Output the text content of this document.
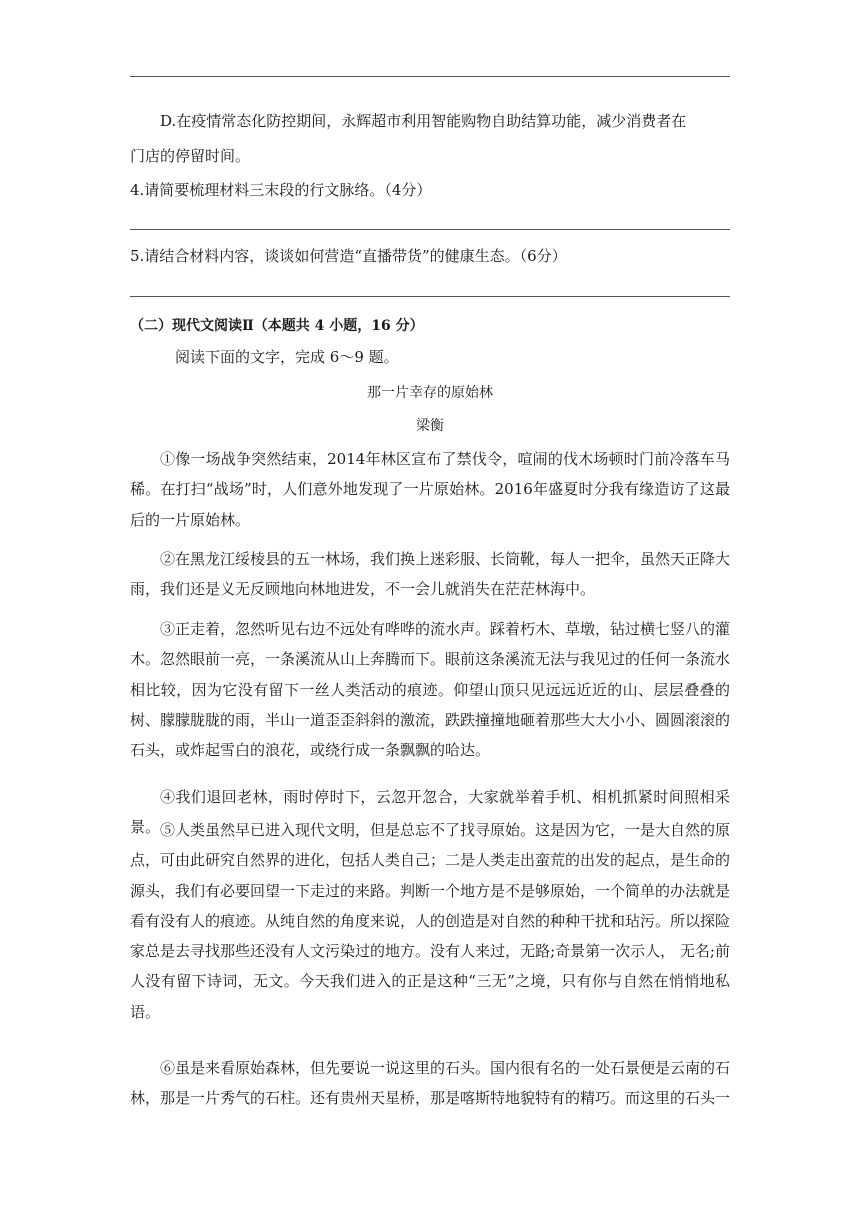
D.在疫情常态化防控期间，永辉超市利用智能购物自助结算功能，减少消费者在
门店的停留时间。
4.请简要梳理材料三末段的行文脉络。（4分）
5.请结合材料内容，谈谈如何营造“直播带货”的健康生态。（6分）
（二）现代文阅读Ⅱ（本题共 4 小题，16 分）
阅读下面的文字，完成 6～9 题。
那一片幸存的原始林
梁衡

①像一场战争突然结束，2014年林区宣布了禁伐令，喧闹的伐木场顿时门前冷落车马稀。在打扫“战场”时，人们意外地发现了一片原始林。2016年盛夏时分我有缘造访了这最后的一片原始林。

②在黑龙江绥棱县的五一林场，我们换上迷彩服、长筒靴，每人一把伞，虽然天正降大雨，我们还是义无反顾地向林地进发，不一会儿就消失在茫茫林海中。

③正走着，忽然听见右边不远处有哗哗的流水声。踩着朽木、草墩，钻过横七竖八的灌木。忽然眼前一亮，一条溪流从山上奔腾而下。眼前这条溪流无法与我见过的任何一条流水相比较，因为它没有留下一丝人类活动的痕迹。仰望山顶只见远远近近的山、层层叠叠的树、朦朦胧胧的雨，半山一道歪歪斜斜的激流，跌跌撞撞地砸着那些大大小小、圆圆滚滚的石头，或炸起雪白的浪花，或绕行成一条飘飘的哈达。

④我们退回老林，雨时停时下，云忽开忽合，大家就举着手机、相机抓紧时间照相采景。 ⑤人类虽然早已进入现代文明，但是总忘不了找寻原始。这是因为它，一是大自然的原点，可由此研究自然界的进化，包括人类自己；二是人类走出蛮荒的出发的起点，是生命的源头，我们有必要回望一下走过的来路。判断一个地方是不是够原始，一个简单的办法就是看有没有人的痕迹。从纯自然的角度来说，人的创造是对自然的种种干扰和玷污。所以探险家总是去寻找那些还没有人文污染过的地方。没有人来过，无路;奇景第一次示人， 无名;前人没有留下诗词，无文。今天我们进入的正是这种“三无”之境，只有你与自然在悄悄地私语。

⑥虽是来看原始森林，但先要说一说这里的石头。国内很有名的一处石景便是云南的石林，那是一片秀气的石柱。还有贵州天星桥，那是喀斯特地貌特有的精巧。而这里的石头一
